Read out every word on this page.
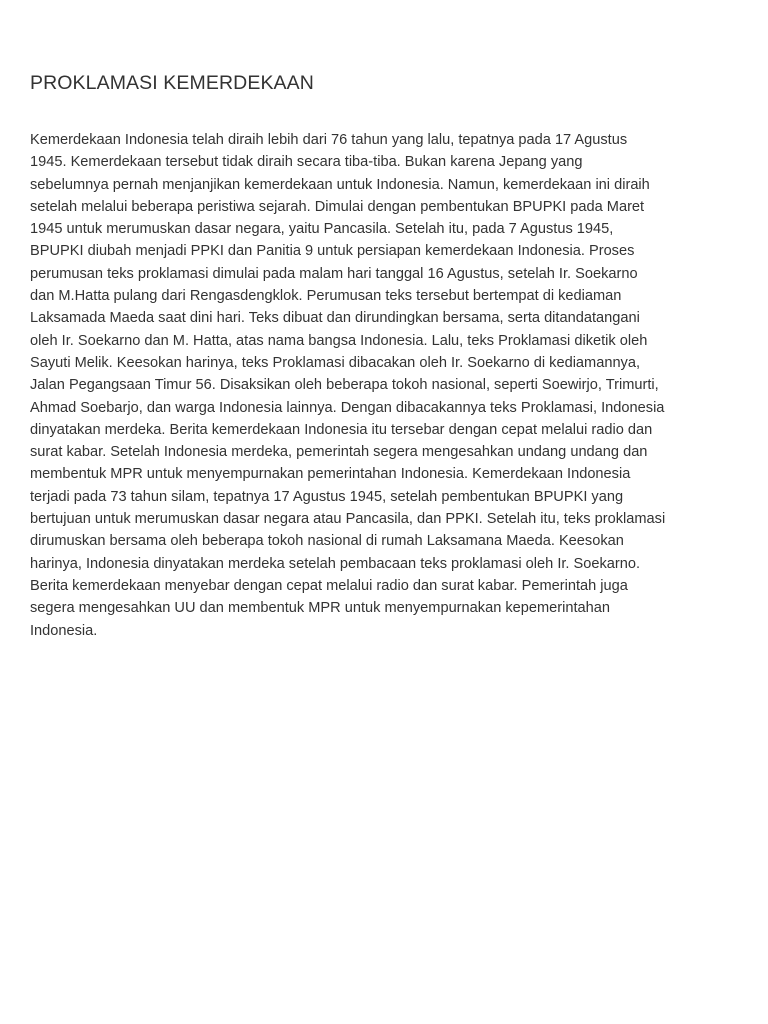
PROKLAMASI KEMERDEKAAN

Kemerdekaan Indonesia telah diraih lebih dari 76 tahun yang lalu, tepatnya pada 17 Agustus
1945. Kemerdekaan tersebut tidak diraih secara tiba-tiba. Bukan karena Jepang yang
sebelumnya pernah menjanjikan kemerdekaan untuk Indonesia. Namun, kemerdekaan ini diraih
setelah melalui beberapa peristiwa sejarah. Dimulai dengan pembentukan BPUPKI pada Maret
1945 untuk merumuskan dasar negara, yaitu Pancasila. Setelah itu, pada 7 Agustus 1945,
BPUPKI diubah menjadi PPKI dan Panitia 9 untuk persiapan kemerdekaan Indonesia. Proses
perumusan teks proklamasi dimulai pada malam hari tanggal 16 Agustus, setelah Ir. Soekarno
dan M.Hatta pulang dari Rengasdengklok. Perumusan teks tersebut bertempat di kediaman
Laksamada Maeda saat dini hari. Teks dibuat dan dirundingkan bersama, serta ditandatangani
oleh Ir. Soekarno dan M. Hatta, atas nama bangsa Indonesia. Lalu, teks Proklamasi diketik oleh
Sayuti Melik. Keesokan harinya, teks Proklamasi dibacakan oleh Ir. Soekarno di kediamannya,
Jalan Pegangsaan Timur 56. Disaksikan oleh beberapa tokoh nasional, seperti Soewirjo, Trimurti,
Ahmad Soebarjo, dan warga Indonesia lainnya. Dengan dibacakannya teks Proklamasi, Indonesia
dinyatakan merdeka. Berita kemerdekaan Indonesia itu tersebar dengan cepat melalui radio dan
surat kabar. Setelah Indonesia merdeka, pemerintah segera mengesahkan undang undang dan
membentuk MPR untuk menyempurnakan pemerintahan Indonesia. Kemerdekaan Indonesia
terjadi pada 73 tahun silam, tepatnya 17 Agustus 1945, setelah pembentukan BPUPKI yang
bertujuan untuk merumuskan dasar negara atau Pancasila, dan PPKI. Setelah itu, teks proklamasi
dirumuskan bersama oleh beberapa tokoh nasional di rumah Laksamana Maeda. Keesokan
harinya, Indonesia dinyatakan merdeka setelah pembacaan teks proklamasi oleh Ir. Soekarno.
Berita kemerdekaan menyebar dengan cepat melalui radio dan surat kabar. Pemerintah juga
segera mengesahkan UU dan membentuk MPR untuk menyempurnakan kepemerintahan
Indonesia.
